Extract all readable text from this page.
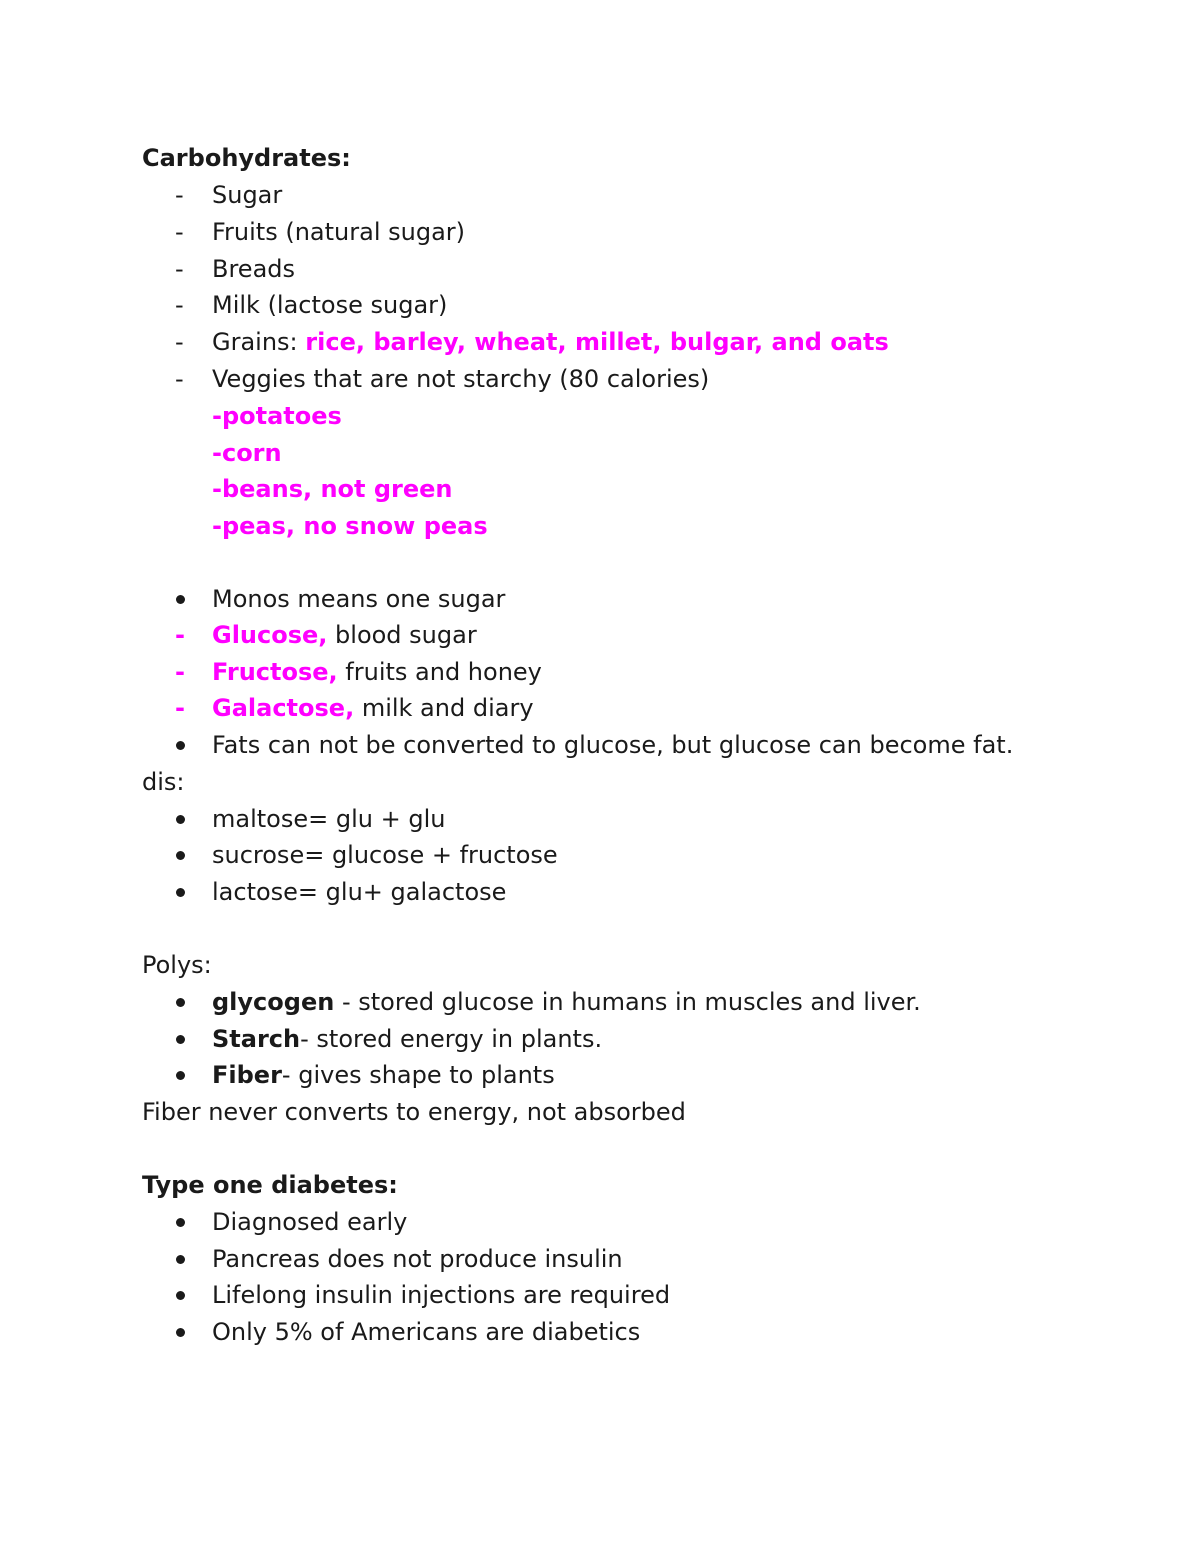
Carbohydrates:
-	Sugar
-	Fruits (natural sugar)
-	Breads
-	Milk (lactose sugar)
-	Grains: rice, barley, wheat, millet, bulgar, and oats
-	Veggies that are not starchy (80 calories)
-potatoes
-corn
-beans, not green
-peas, no snow peas
Monos means one sugar
-	Glucose, blood sugar
-	Fructose, fruits and honey
-	Galactose, milk and diary
Fats can not be converted to glucose, but glucose can become fat.
dis:
maltose= glu + glu
sucrose= glucose + fructose
lactose= glu+ galactose
Polys:
glycogen - stored glucose in humans in muscles and liver.
Starch- stored energy in plants.
Fiber- gives shape to plants
Fiber never converts to energy, not absorbed
Type one diabetes:
Diagnosed early
Pancreas does not produce insulin
Lifelong insulin injections are required
Only 5% of Americans are diabetics
